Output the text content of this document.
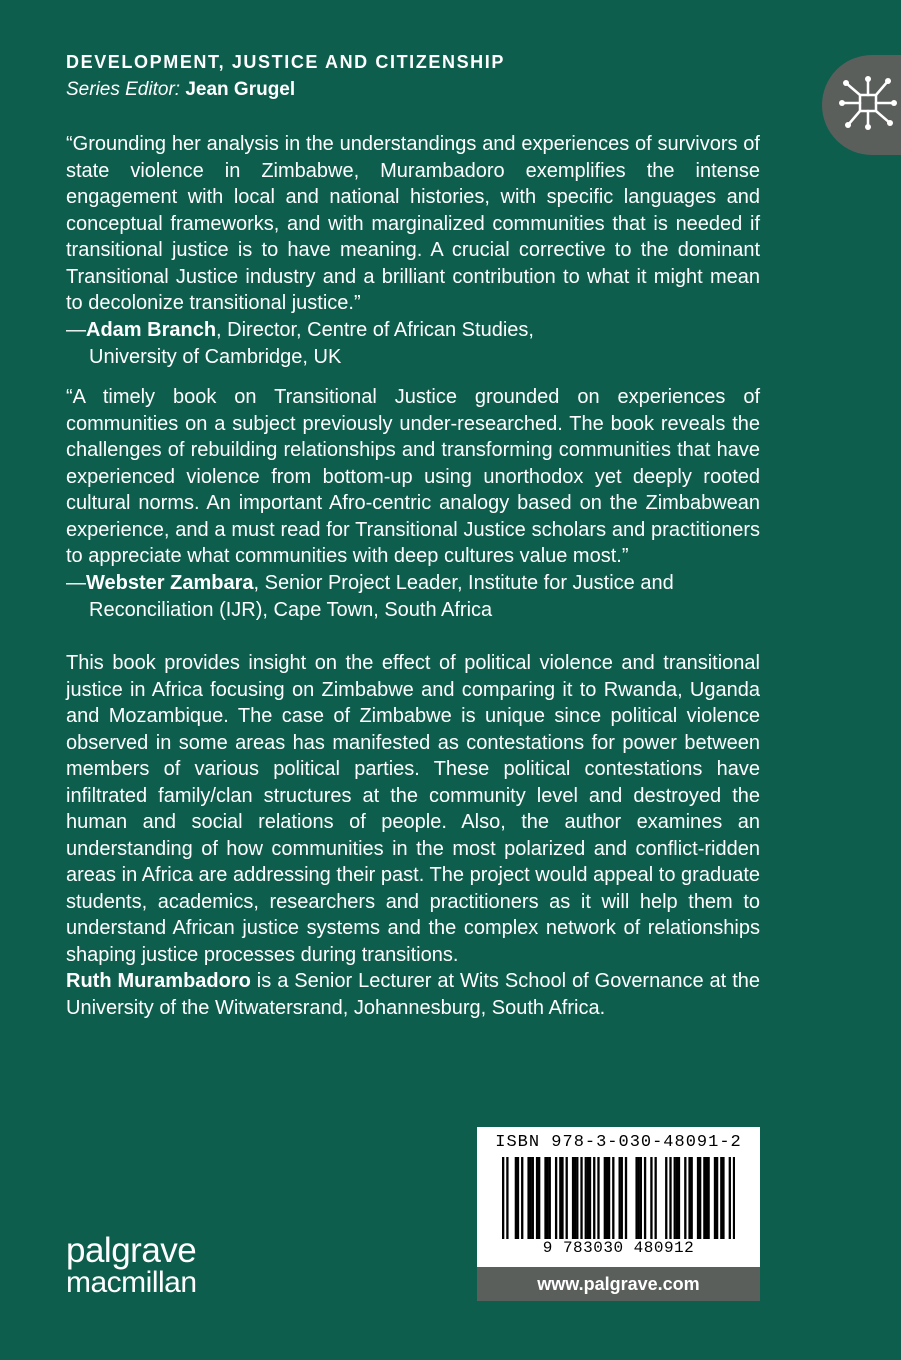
DEVELOPMENT, JUSTICE AND CITIZENSHIP
Series Editor: Jean Grugel
“Grounding her analysis in the understandings and experiences of survivors of state violence in Zimbabwe, Murambadoro exemplifies the intense engagement with local and national histories, with specific languages and conceptual frameworks, and with marginalized communities that is needed if transitional justice is to have meaning. A crucial corrective to the dominant Transitional Justice industry and a brilliant contribution to what it might mean to decolonize transitional justice.”
—Adam Branch, Director, Centre of African Studies,
University of Cambridge, UK
“A timely book on Transitional Justice grounded on experiences of communities on a subject previously under-researched. The book reveals the challenges of rebuilding relationships and transforming communities that have experienced violence from bottom-up using unorthodox yet deeply rooted cultural norms. An important Afro-centric analogy based on the Zimbabwean experience, and a must read for Transitional Justice scholars and practitioners to appreciate what communities with deep cultures value most.”
—Webster Zambara, Senior Project Leader, Institute for Justice and
Reconciliation (IJR), Cape Town, South Africa
This book provides insight on the effect of political violence and transitional justice in Africa focusing on Zimbabwe and comparing it to Rwanda, Uganda and Mozambique. The case of Zimbabwe is unique since political violence observed in some areas has manifested as contestations for power between members of various political parties. These political contestations have infiltrated family/clan structures at the community level and destroyed the human and social relations of people. Also, the author examines an understanding of how communities in the most polarized and conflict-ridden areas in Africa are addressing their past. The project would appeal to graduate students, academics, researchers and practitioners as it will help them to understand African justice systems and the complex network of relationships shaping justice processes during transitions.
Ruth Murambadoro is a Senior Lecturer at Wits School of Governance at the University of the Witwatersrand, Johannesburg, South Africa.
palgrave
macmillan
ISBN 978-3-030-48091-2
9 783030 480912
www.palgrave.com
